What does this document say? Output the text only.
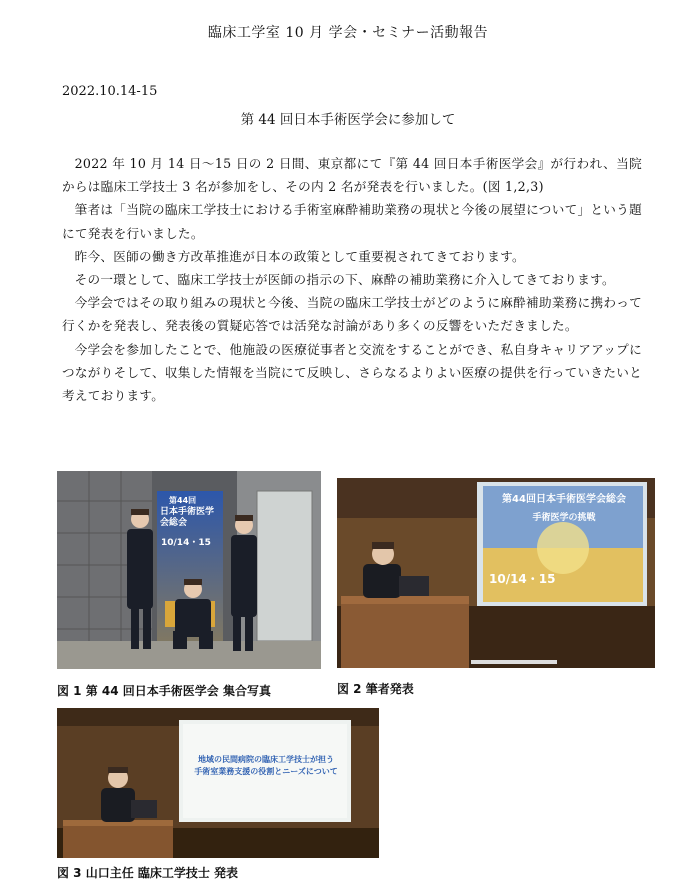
臨床工学室 10 月 学会・セミナー活動報告
2022.10.14-15
第 44 回日本手術医学会に参加して

2022 年 10 月 14 日～15 日の 2 日間、東京都にて『第 44 回日本手術医学会』が行われ、当院からは臨床工学技士 3 名が参加をし、その内 2 名が発表を行いました。(図 1,2,3)

筆者は「当院の臨床工学技士における手術室麻酔補助業務の現状と今後の展望について」という題にて発表を行いました。

昨今、医師の働き方改革推進が日本の政策として重要視されてきております。

その一環として、臨床工学技士が医師の指示の下、麻酔の補助業務に介入してきております。

今学会ではその取り組みの現状と今後、当院の臨床工学技士がどのように麻酔補助業務に携わって行くかを発表し、発表後の質疑応答では活発な討論があり多くの反響をいただきました。

今学会を参加したことで、他施設の医療従事者と交流をすることができ、私自身キャリアアップにつながりそして、収集した情報を当院にて反映し、さらなるよりよい医療の提供を行っていきたいと考えております。

第44回
日本手術医学会総会
10/14・15
図 1 第 44 回日本手術医学会 集合写真
第44回日本手術医学会総会
手術医学の挑戦
10/14・15
図 2 筆者発表
地域の民間病院の臨床工学技士が担う
手術室業務支援の役割とニーズについて
図 3 山口主任 臨床工学技士 発表
